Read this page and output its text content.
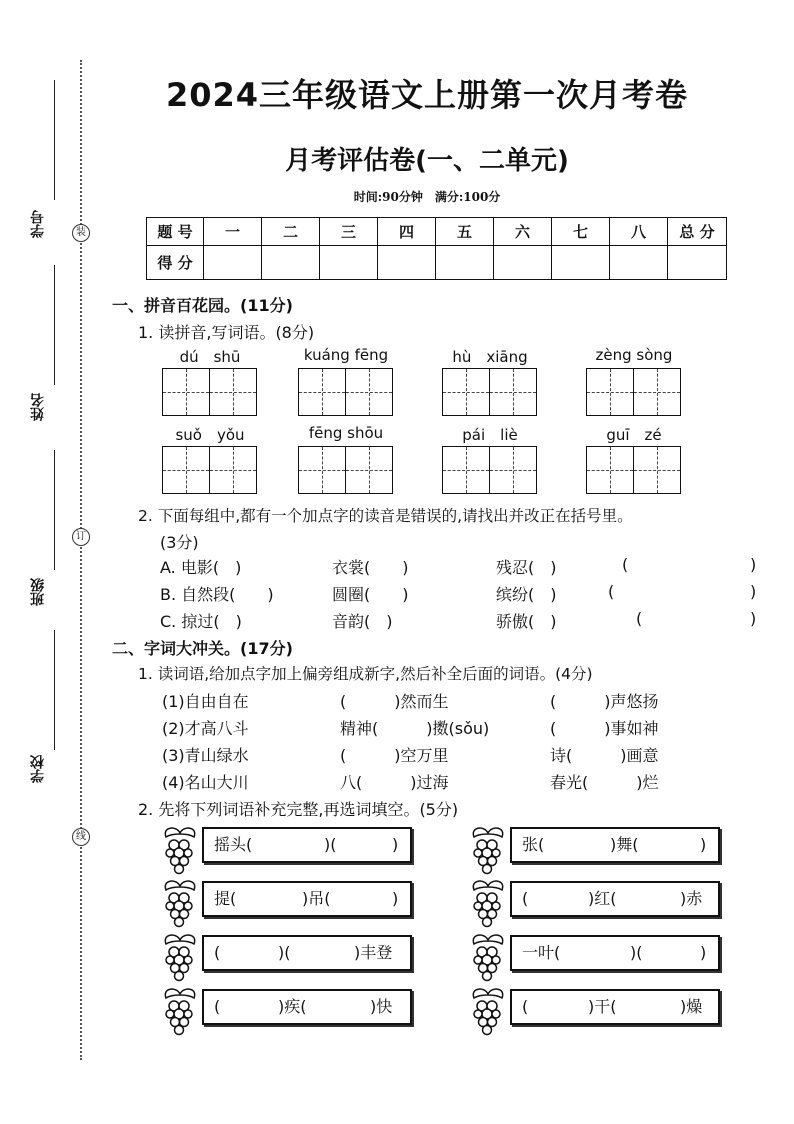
装
订
线
学号
姓名
班级
学校
2024三年级语文上册第一次月考卷
月考评估卷(一、二单元)
时间:90分钟　满分:100分
题 号	一	二	三	四	五	六	七	八	总 分
得 分									
一、拼音百花园。(11分)
1. 读拼音,写词语。(8分)
dú　shū	kuáng fēng	hù　xiāng	zèng sòng
suǒ　yǒu	fēng shōu	pái　liè	guī　zé
2. 下面每组中,都有一个加点字的读音是错误的,请找出并改正在括号里。
(3分)
A. 电影(　)	衣裳(　　)	残忍(　)	(	)
B. 自然段(　　)	圆圈(　　)	缤纷(　)	(	)
C. 掠过(　)	音韵(　)	骄傲(　)	(	)
二、字词大冲关。(17分)
1. 读词语,给加点字加上偏旁组成新字,然后补全后面的词语。(4分)
(1)自由自在	(　　　)然而生	(　　　)声悠扬
(2)才高八斗	精神(　　　)擞(sǒu)	(　　　)事如神
(3)青山绿水	(　　　)空万里	诗(　　　)画意
(4)名山大川	八(　　　)过海	春光(　　　)烂
2. 先将下列词语补充完整,再选词填空。(5分)
摇头(	)(	)
提(	)吊(	)
(	)(	)丰登
(	)疾(	)快
张(	)舞(	)
(	)红(	)赤
一叶(	)(	)
(	)干(	)燥
